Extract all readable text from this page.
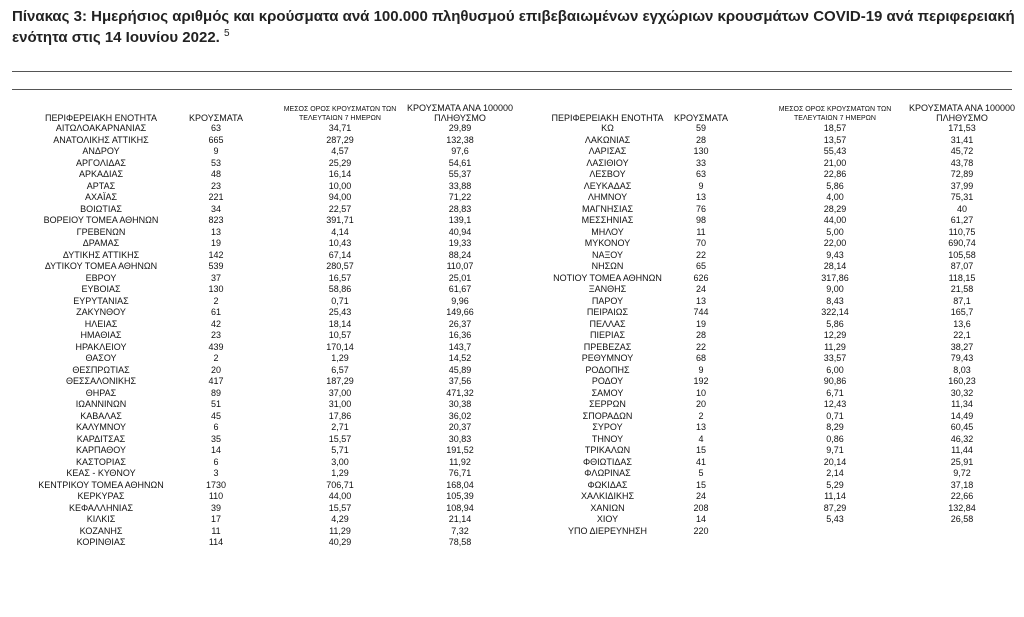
Πίνακας 3: Ημερήσιος αριθμός και κρούσματα ανά 100.000 πληθυσμού επιβεβαιωμένων εγχώριων κρουσμάτων COVID-19 ανά περιφερειακή ενότητα στις 14 Ιουνίου 2022. $^5$
ΠΕΡΙΦΕΡΕΙΑΚΗ ΕΝΟΤΗΤΑ	ΚΡΟΥΣΜΑΤΑ
ΜΕΣΟΣ ΟΡΟΣ ΚΡΟΥΣΜΑΤΩΝ ΤΩΝ ΤΕΛΕΥΤΑΙΩΝ 7 ΗΜΕΡΩΝ
ΚΡΟΥΣΜΑΤΑ ΑΝΑ 100000 ΠΛΗΘΥΣΜΟ
ΑΙΤΩΛΟΑΚΑΡΝΑΝΙΑΣ	63	34,71	29,89
ΑΝΑΤΟΛΙΚΗΣ ΑΤΤΙΚΗΣ	665	287,29	132,38
ΑΝΔΡΟΥ	9	4,57	97,6
ΑΡΓΟΛΙΔΑΣ	53	25,29	54,61
ΑΡΚΑΔΙΑΣ	48	16,14	55,37
ΑΡΤΑΣ	23	10,00	33,88
ΑΧΑΪΑΣ	221	94,00	71,22
ΒΟΙΩΤΙΑΣ	34	22,57	28,83
ΒΟΡΕΙΟΥ ΤΟΜΕΑ ΑΘΗΝΩΝ	823	391,71	139,1
ΓΡΕΒΕΝΩΝ	13	4,14	40,94
ΔΡΑΜΑΣ	19	10,43	19,33
ΔΥΤΙΚΗΣ ΑΤΤΙΚΗΣ	142	67,14	88,24
ΔΥΤΙΚΟΥ ΤΟΜΕΑ ΑΘΗΝΩΝ	539	280,57	110,07
ΕΒΡΟΥ	37	16,57	25,01
ΕΥΒΟΙΑΣ	130	58,86	61,67
ΕΥΡΥΤΑΝΙΑΣ	2	0,71	9,96
ΖΑΚΥΝΘΟΥ	61	25,43	149,66
ΗΛΕΙΑΣ	42	18,14	26,37
ΗΜΑΘΙΑΣ	23	10,57	16,36
ΗΡΑΚΛΕΙΟΥ	439	170,14	143,7
ΘΑΣΟΥ	2	1,29	14,52
ΘΕΣΠΡΩΤΙΑΣ	20	6,57	45,89
ΘΕΣΣΑΛΟΝΙΚΗΣ	417	187,29	37,56
ΘΗΡΑΣ	89	37,00	471,32
ΙΩΑΝΝΙΝΩΝ	51	31,00	30,38
ΚΑΒΑΛΑΣ	45	17,86	36,02
ΚΑΛΥΜΝΟΥ	6	2,71	20,37
ΚΑΡΔΙΤΣΑΣ	35	15,57	30,83
ΚΑΡΠΑΘΟΥ	14	5,71	191,52
ΚΑΣΤΟΡΙΑΣ	6	3,00	11,92
ΚΕΑΣ - ΚΥΘΝΟΥ	3	1,29	76,71
ΚΕΝΤΡΙΚΟΥ ΤΟΜΕΑ ΑΘΗΝΩΝ	1730	706,71	168,04
ΚΕΡΚΥΡΑΣ	110	44,00	105,39
ΚΕΦΑΛΛΗΝΙΑΣ	39	15,57	108,94
ΚΙΛΚΙΣ	17	4,29	21,14
ΚΟΖΑΝΗΣ	11	11,29	7,32
ΚΟΡΙΝΘΙΑΣ	114	40,29	78,58
ΠΕΡΙΦΕΡΕΙΑΚΗ ΕΝΟΤΗΤΑ	ΚΡΟΥΣΜΑΤΑ
ΜΕΣΟΣ ΟΡΟΣ ΚΡΟΥΣΜΑΤΩΝ ΤΩΝ ΤΕΛΕΥΤΑΙΩΝ 7 ΗΜΕΡΩΝ
ΚΡΟΥΣΜΑΤΑ ΑΝΑ 100000 ΠΛΗΘΥΣΜΟ
ΚΩ	59	18,57	171,53
ΛΑΚΩΝΙΑΣ	28	13,57	31,41
ΛΑΡΙΣΑΣ	130	55,43	45,72
ΛΑΣΙΘΙΟΥ	33	21,00	43,78
ΛΕΣΒΟΥ	63	22,86	72,89
ΛΕΥΚΑΔΑΣ	9	5,86	37,99
ΛΗΜΝΟΥ	13	4,00	75,31
ΜΑΓΝΗΣΙΑΣ	76	28,29	40
ΜΕΣΣΗΝΙΑΣ	98	44,00	61,27
ΜΗΛΟΥ	11	5,00	110,75
ΜΥΚΟΝΟΥ	70	22,00	690,74
ΝΑΞΟΥ	22	9,43	105,58
ΝΗΣΩΝ	65	28,14	87,07
ΝΟΤΙΟΥ ΤΟΜΕΑ ΑΘΗΝΩΝ	626	317,86	118,15
ΞΑΝΘΗΣ	24	9,00	21,58
ΠΑΡΟΥ	13	8,43	87,1
ΠΕΙΡΑΙΩΣ	744	322,14	165,7
ΠΕΛΛΑΣ	19	5,86	13,6
ΠΙΕΡΙΑΣ	28	12,29	22,1
ΠΡΕΒΕΖΑΣ	22	11,29	38,27
ΡΕΘΥΜΝΟΥ	68	33,57	79,43
ΡΟΔΟΠΗΣ	9	6,00	8,03
ΡΟΔΟΥ	192	90,86	160,23
ΣΑΜΟΥ	10	6,71	30,32
ΣΕΡΡΩΝ	20	12,43	11,34
ΣΠΟΡΑΔΩΝ	2	0,71	14,49
ΣΥΡΟΥ	13	8,29	60,45
ΤΗΝΟΥ	4	0,86	46,32
ΤΡΙΚΑΛΩΝ	15	9,71	11,44
ΦΘΙΩΤΙΔΑΣ	41	20,14	25,91
ΦΛΩΡΙΝΑΣ	5	2,14	9,72
ΦΩΚΙΔΑΣ	15	5,29	37,18
ΧΑΛΚΙΔΙΚΗΣ	24	11,14	22,66
ΧΑΝΙΩΝ	208	87,29	132,84
ΧΙΟΥ	14	5,43	26,58
ΥΠΟ ΔΙΕΡΕΥΝΗΣΗ	220
